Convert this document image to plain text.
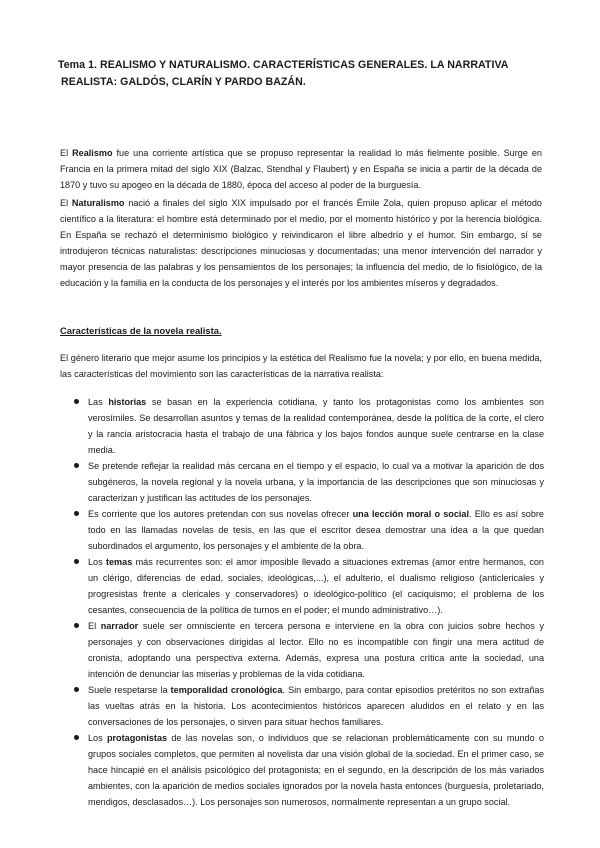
Tema 1. REALISMO Y NATURALISMO. CARACTERÍSTICAS GENERALES. LA NARRATIVA
REALISTA: GALDÓS, CLARÍN Y PARDO BAZÁN.

El Realismo fue una corriente artística que se propuso representar la realidad lo más fielmente posible. Surge en Francia en la primera mitad del siglo XIX (Balzac, Stendhal y Flaubert) y en España se inicia a partir de la década de 1870 y tuvo su apogeo en la década de 1880, época del acceso al poder de la burguesía.

El Naturalismo nació a finales del siglo XIX impulsado por el francés Émile Zola, quien propuso aplicar el método científico a la literatura: el hombre está determinado por el medio, por el momento histórico y por la herencia biológica. En España se rechazó el determinismo biológico y reivindicaron el libre albedrío y el humor. Sin embargo, sí se introdujeron técnicas naturalistas: descripciones minuciosas y documentadas; una menor intervención del narrador y mayor presencia de las palabras y los pensamientos de los personajes; la influencia del medio, de lo fisiológico, de la educación y la familia en la conducta de los personajes y el interés por los ambientes míseros y degradados.

Características de la novela realista.

El género literario que mejor asume los principios y la estética del Realismo fue la novela; y por ello, en buena medida, las características del movimiento son las características de la narrativa realista:

Las historias se basan en la experiencia cotidiana, y tanto los protagonistas como los ambientes son verosímiles. Se desarrollan asuntos y temas de la realidad contemporánea, desde la política de la corte, el clero y la rancia aristocracia hasta el trabajo de una fábrica y los bajos fondos aunque suele centrarse en la clase media.
Se pretende reflejar la realidad más cercana en el tiempo y el espacio, lo cual va a motivar la aparición de dos subgéneros, la novela regional y la novela urbana, y la importancia de las descripciones que son minuciosas y caracterizan y justifican las actitudes de los personajes.
Es corriente que los autores pretendan con sus novelas ofrecer una lección moral o social. Ello es así sobre todo en las llamadas novelas de tesis, en las que el escritor desea demostrar una idea a la que quedan subordinados el argumento, los personajes y el ambiente de la obra.
Los temas más recurrentes son: el amor imposible llevado a situaciones extremas (amor entre hermanos, con un clérigo, diferencias de edad, sociales, ideológicas,...), el adulterio, el dualismo religioso (anticlericales y progresistas frente a clericales y conservadores) o ideológico-político (el caciquismo; el problema de los cesantes, consecuencia de la política de turnos en el poder; el mundo administrativo…).
El narrador suele ser omnisciente en tercera persona e interviene en la obra con juicios sobre hechos y personajes y con observaciones dirigidas al lector. Ello no es incompatible con fingir una mera actitud de cronista, adoptando una perspectiva externa. Además, expresa una postura crítica ante la sociedad, una intención de denunciar las miserias y problemas de la vida cotidiana.
Suele respetarse la temporalidad cronológica. Sin embargo, para contar episodios pretéritos no son extrañas las vueltas atrás en la historia. Los acontecimientos históricos aparecen aludidos en el relato y en las conversaciones de los personajes, o sirven para situar hechos familiares.
Los protagonistas de las novelas son, o individuos que se relacionan problemáticamente con su mundo o grupos sociales completos, que permiten al novelista dar una visión global de la sociedad. En el primer caso, se hace hincapié en el análisis psicológico del protagonista; en el segundo, en la descripción de los más variados ambientes, con la aparición de medios sociales ignorados por la novela hasta entonces (burguesía, proletariado, mendigos, desclasados…). Los personajes son numerosos, normalmente representan a un grupo social.
